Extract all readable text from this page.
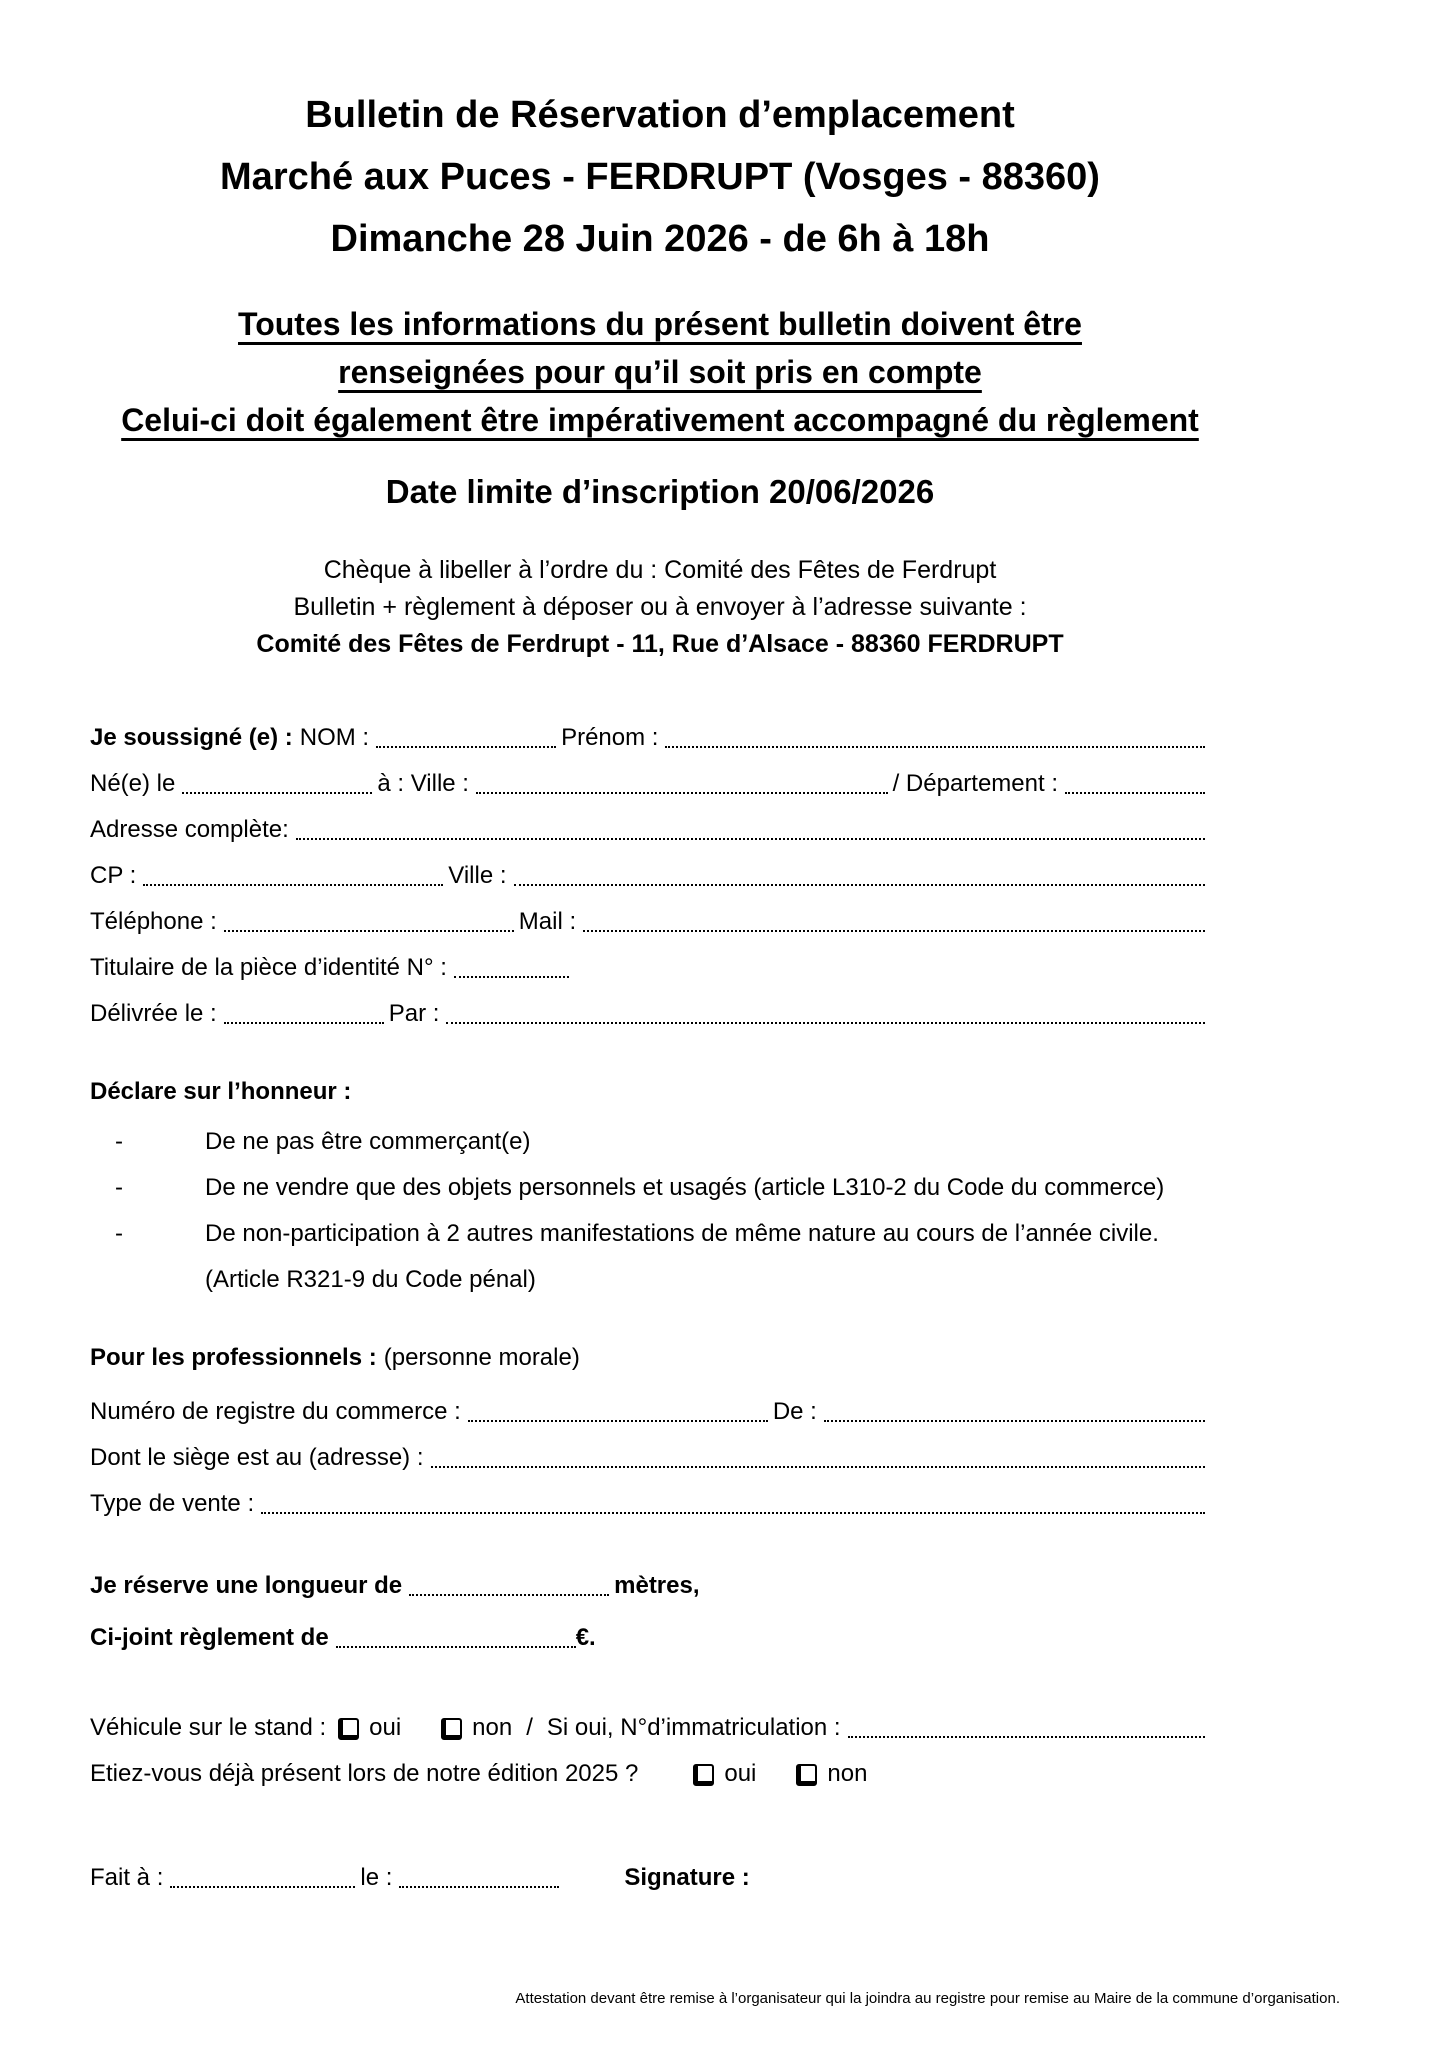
Bulletin de Réservation d’emplacement
Marché aux Puces - FERDRUPT (Vosges - 88360)
Dimanche 28 Juin 2026 - de 6h à 18h
Toutes les informations du présent bulletin doivent être
renseignées pour qu’il soit pris en compte
Celui-ci doit également être impérativement accompagné du règlement
Date limite d’inscription 20/06/2026
Chèque à libeller à l’ordre du : Comité des Fêtes de Ferdrupt
Bulletin + règlement à déposer ou à envoyer à l’adresse suivante :
Comité des Fêtes de Ferdrupt - 11, Rue d’Alsace - 88360 FERDRUPT
Je soussigné (e) : NOM :	Prénom :
Né(e) le	à : Ville :	/ Département :
Adresse complète:
CP :	Ville :
Téléphone :	Mail :
Titulaire de la pièce d’identité N° :
Délivrée le :	Par :
Déclare sur l’honneur :
-	De ne pas être commerçant(e)
-	De ne vendre que des objets personnels et usagés (article L310-2 du Code du commerce)
-	De non-participation à 2 autres manifestations de même nature au cours de l’année civile.
(Article R321-9 du Code pénal)
Pour les professionnels : (personne morale)
Numéro de registre du commerce :	De :
Dont le siège est au (adresse) :
Type de vente :
Je réserve une longueur de	mètres,
Ci-joint règlement de	€.
Véhicule sur le stand : oui	non / Si oui, N°d’immatriculation :
Etiez-vous déjà présent lors de notre édition 2025 ?	oui	non
Fait à :	le :	Signature :
Attestation devant être remise à l’organisateur qui la joindra au registre pour remise au Maire de la commune d’organisation.
